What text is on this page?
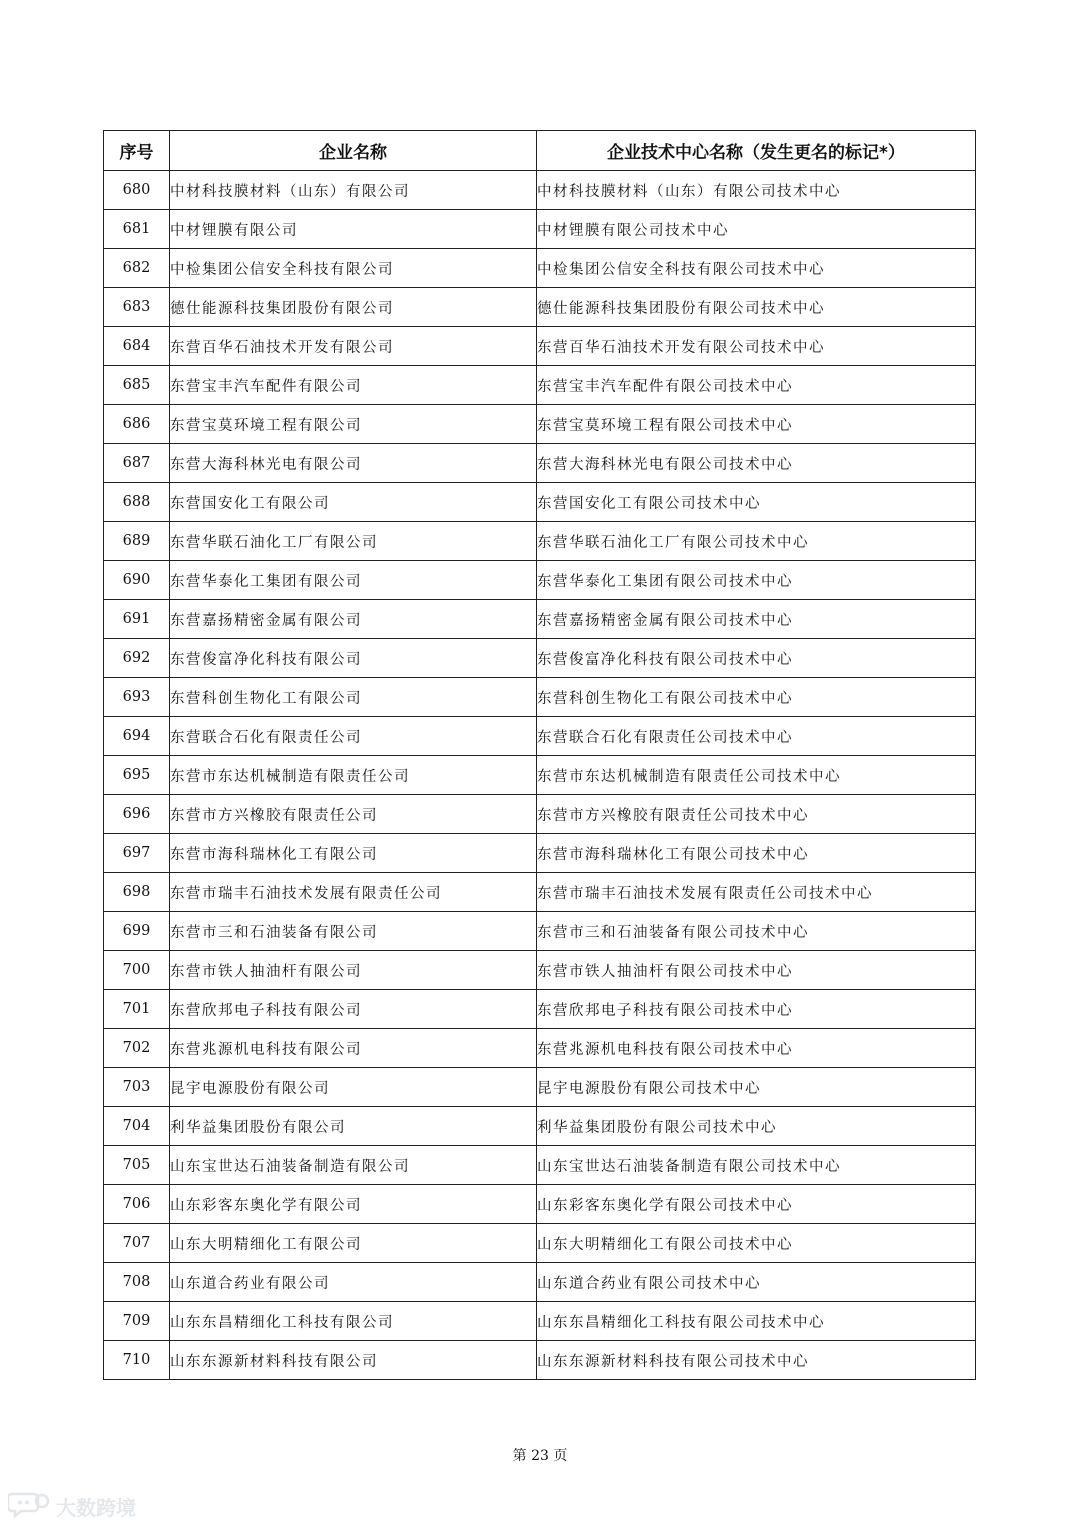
序号	企业名称	企业技术中心名称（发生更名的标记*）
680	中材科技膜材料（山东）有限公司	中材科技膜材料（山东）有限公司技术中心
681	中材锂膜有限公司	中材锂膜有限公司技术中心
682	中检集团公信安全科技有限公司	中检集团公信安全科技有限公司技术中心
683	德仕能源科技集团股份有限公司	德仕能源科技集团股份有限公司技术中心
684	东营百华石油技术开发有限公司	东营百华石油技术开发有限公司技术中心
685	东营宝丰汽车配件有限公司	东营宝丰汽车配件有限公司技术中心
686	东营宝莫环境工程有限公司	东营宝莫环境工程有限公司技术中心
687	东营大海科林光电有限公司	东营大海科林光电有限公司技术中心
688	东营国安化工有限公司	东营国安化工有限公司技术中心
689	东营华联石油化工厂有限公司	东营华联石油化工厂有限公司技术中心
690	东营华泰化工集团有限公司	东营华泰化工集团有限公司技术中心
691	东营嘉扬精密金属有限公司	东营嘉扬精密金属有限公司技术中心
692	东营俊富净化科技有限公司	东营俊富净化科技有限公司技术中心
693	东营科创生物化工有限公司	东营科创生物化工有限公司技术中心
694	东营联合石化有限责任公司	东营联合石化有限责任公司技术中心
695	东营市东达机械制造有限责任公司	东营市东达机械制造有限责任公司技术中心
696	东营市方兴橡胶有限责任公司	东营市方兴橡胶有限责任公司技术中心
697	东营市海科瑞林化工有限公司	东营市海科瑞林化工有限公司技术中心
698	东营市瑞丰石油技术发展有限责任公司	东营市瑞丰石油技术发展有限责任公司技术中心
699	东营市三和石油装备有限公司	东营市三和石油装备有限公司技术中心
700	东营市铁人抽油杆有限公司	东营市铁人抽油杆有限公司技术中心
701	东营欣邦电子科技有限公司	东营欣邦电子科技有限公司技术中心
702	东营兆源机电科技有限公司	东营兆源机电科技有限公司技术中心
703	昆宇电源股份有限公司	昆宇电源股份有限公司技术中心
704	利华益集团股份有限公司	利华益集团股份有限公司技术中心
705	山东宝世达石油装备制造有限公司	山东宝世达石油装备制造有限公司技术中心
706	山东彩客东奥化学有限公司	山东彩客东奥化学有限公司技术中心
707	山东大明精细化工有限公司	山东大明精细化工有限公司技术中心
708	山东道合药业有限公司	山东道合药业有限公司技术中心
709	山东东昌精细化工科技有限公司	山东东昌精细化工科技有限公司技术中心
710	山东东源新材料科技有限公司	山东东源新材料科技有限公司技术中心
第 23 页
大数跨境
